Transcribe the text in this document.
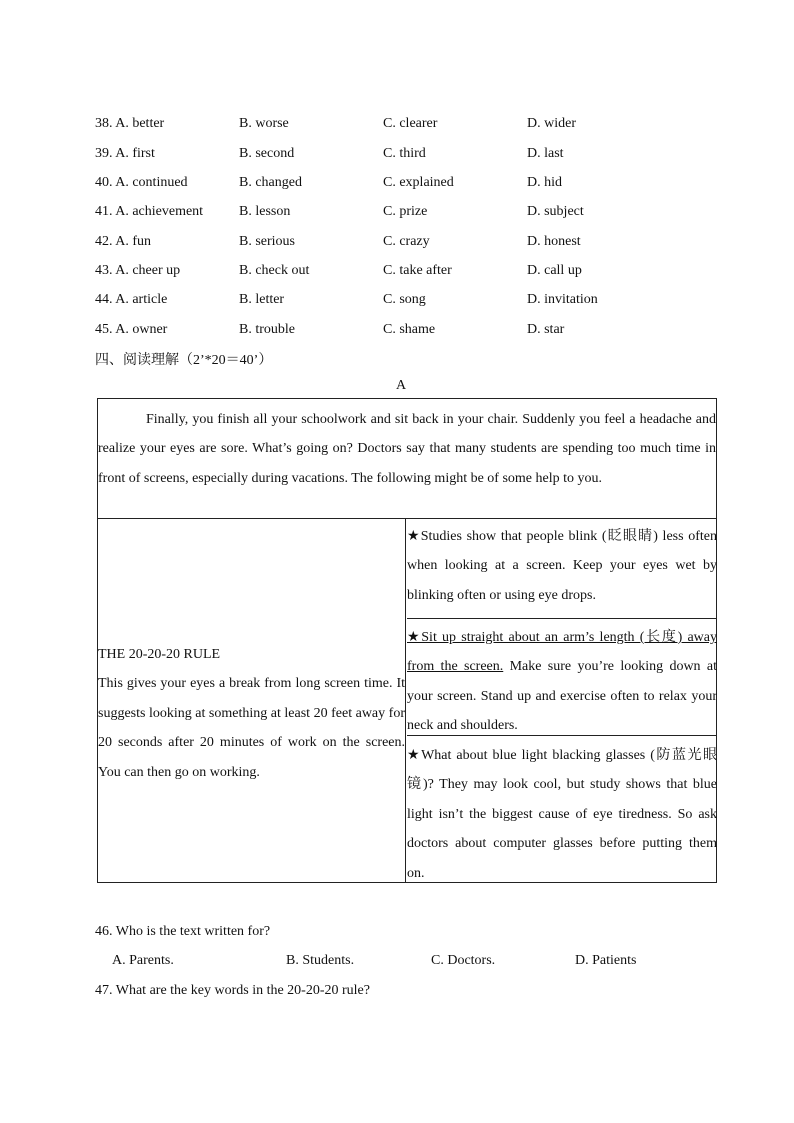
38. A. better	B. worse	C. clearer	D. wider
39. A. first	B. second	C. third	D. last
40. A. continued	B. changed	C. explained	D. hid
41. A. achievement	B. lesson	C. prize	D. subject
42. A. fun	B. serious	C. crazy	D. honest
43. A. cheer up	B. check out	C. take after	D. call up
44. A. article	B. letter	C. song	D. invitation
45. A. owner	B. trouble	C. shame	D. star
四、阅读理解（2’*20＝40’）
A
Finally, you finish all your schoolwork and sit back in your chair. Suddenly you feel a headache and realize your eyes are sore. What’s going on? Doctors say that many students are spending too much time in front of screens, especially during vacations. The following might be of some help to you.
THE 20-20-20 RULE
This gives your eyes a break from long screen time. It suggests looking at something at least 20 feet away for 20 seconds after 20 minutes of work on the screen. You can then go on working.
★Studies show that people blink (眨眼睛) less often when looking at a screen. Keep your eyes wet by blinking often or using eye drops.
★Sit up straight about an arm’s length (长度) away from the screen. Make sure you’re looking down at your screen. Stand up and exercise often to relax your neck and shoulders.
★What about blue light blacking glasses (防蓝光眼镜)? They may look cool, but study shows that blue light isn’t the biggest cause of eye tiredness. So ask doctors about computer glasses before putting them on.
46. Who is the text written for?
A. Parents.	B. Students.	C. Doctors.	D. Patients
47. What are the key words in the 20-20-20 rule?
